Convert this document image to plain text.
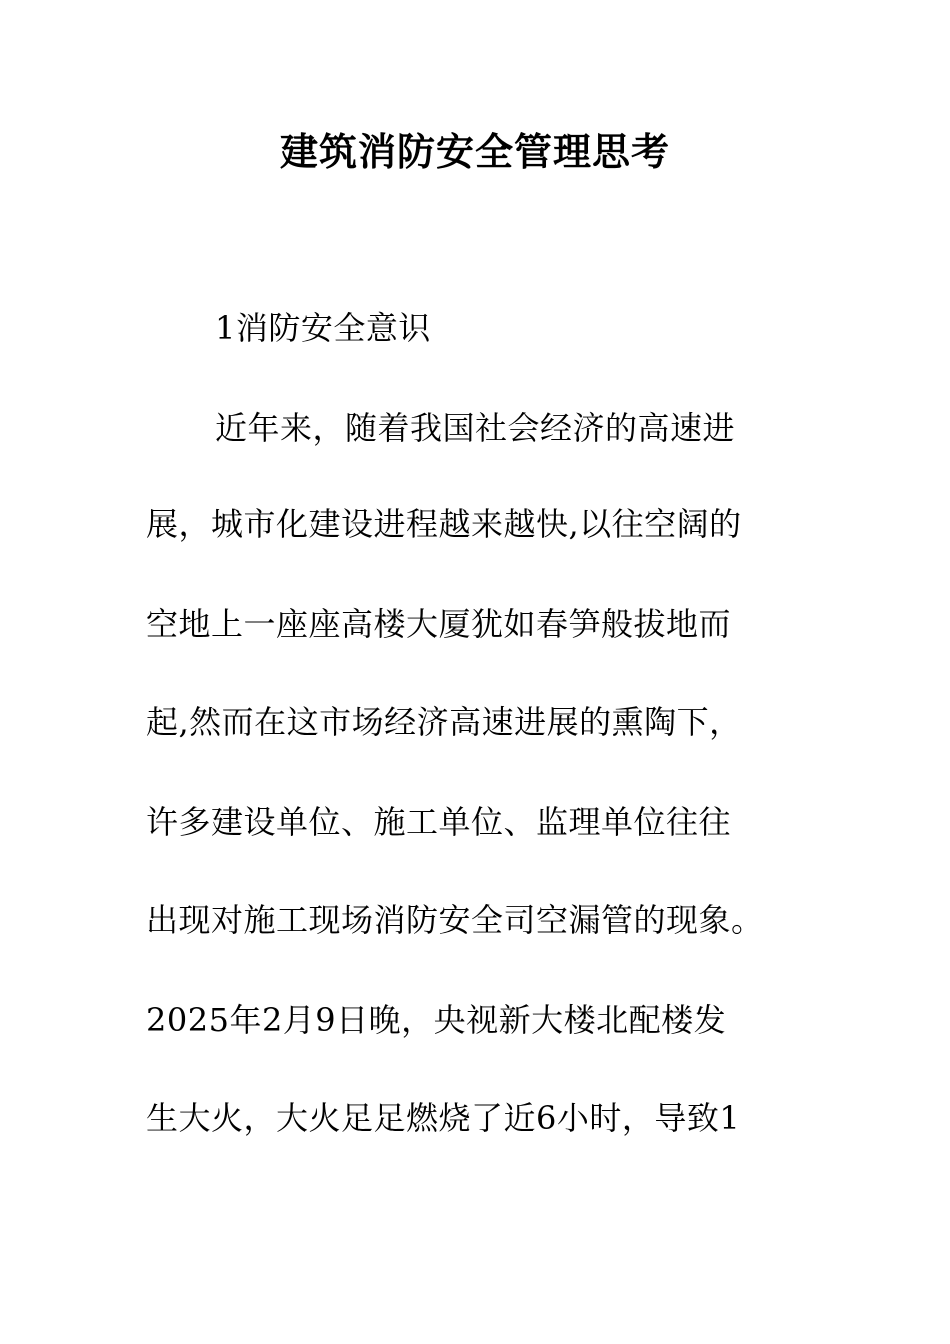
建筑消防安全管理思考
1消防安全意识
近年来，随着我国社会经济的高速进
展，城市化建设进程越来越快,以往空阔的
空地上一座座高楼大厦犹如春笋般拔地而
起,然而在这市场经济高速进展的熏陶下，
许多建设单位、施工单位、监理单位往往
出现对施工现场消防安全司空漏管的现象。
2025年2月9日晚，央视新大楼北配楼发
生大火，大火足足燃烧了近6小时，导致1
